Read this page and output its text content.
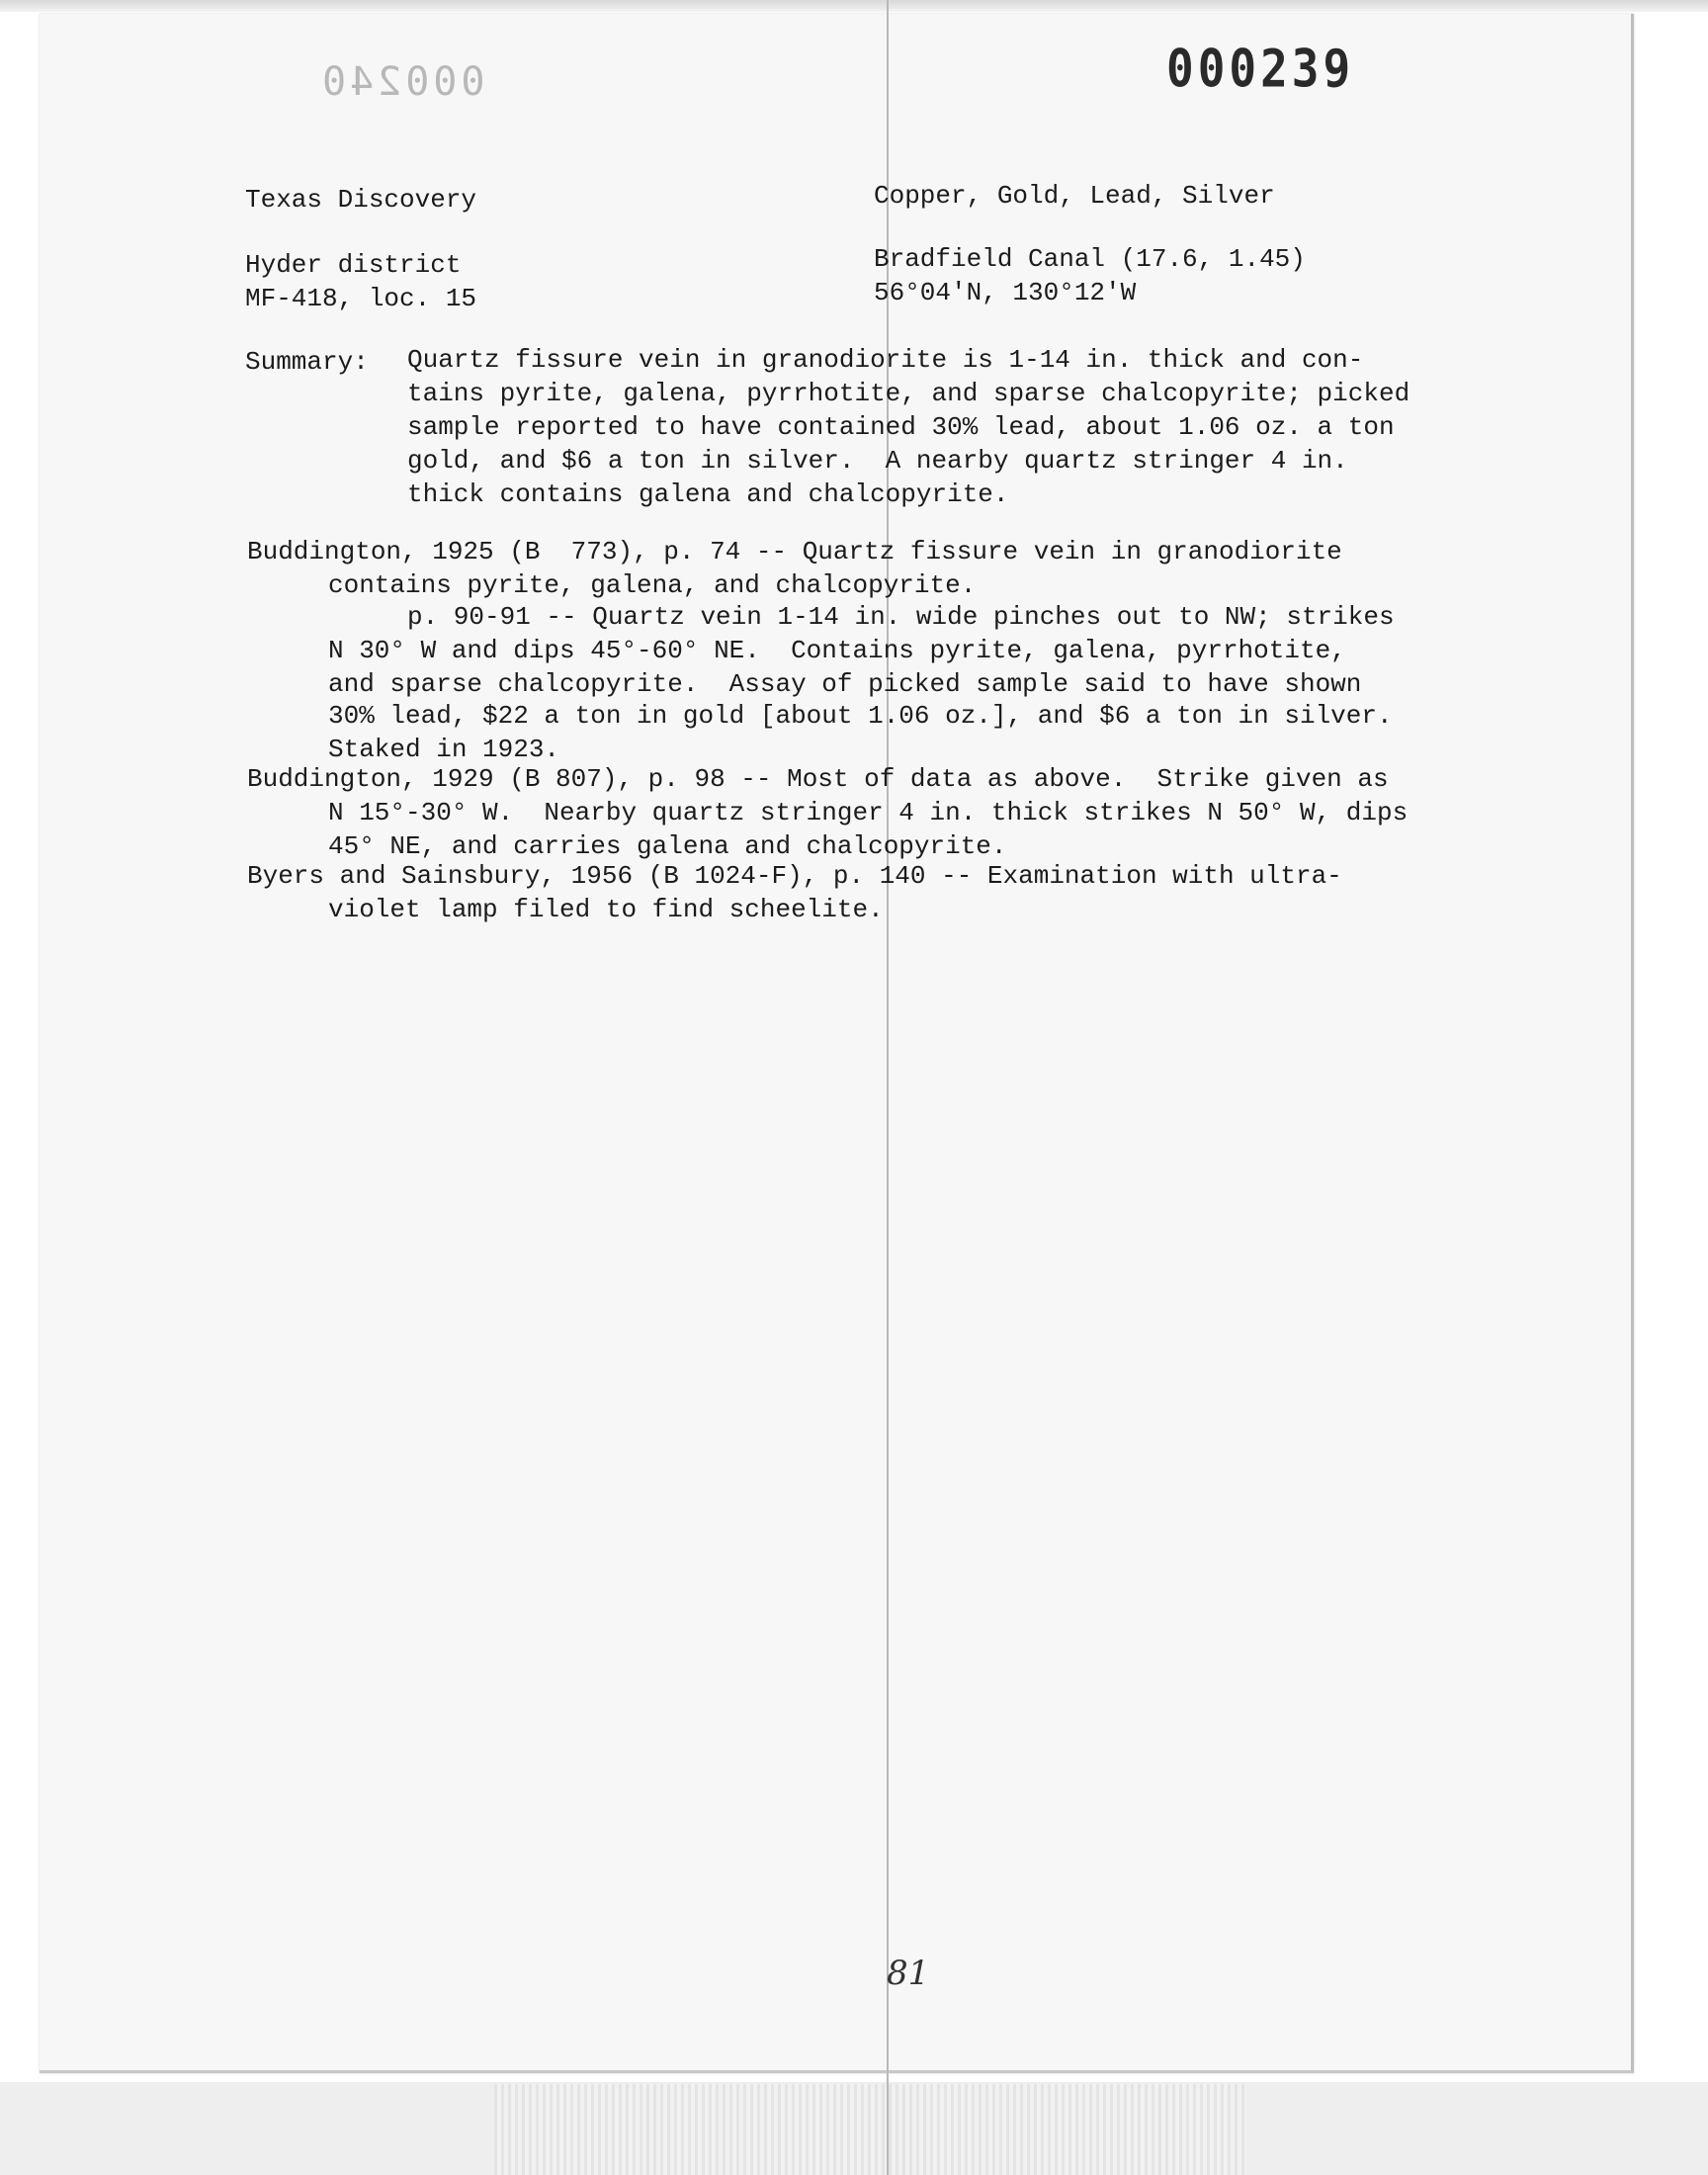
000240	000239
Texas Discovery	Copper, Gold, Lead, Silver
Hyder district	Bradfield Canal (17.6, 1.45)
MF-418, loc. 15	56°04'N, 130°12'W
Summary: Quartz fissure vein in granodiorite is 1-14 in. thick and con-
tains pyrite, galena, pyrrhotite, and sparse chalcopyrite; picked
sample reported to have contained 30% lead, about 1.06 oz. a ton
gold, and $6 a ton in silver.  A nearby quartz stringer 4 in.
thick contains galena and chalcopyrite.
Buddington, 1925 (B  773), p. 74 -- Quartz fissure vein in granodiorite
contains pyrite, galena, and chalcopyrite.
p. 90-91 -- Quartz vein 1-14 in. wide pinches out to NW; strikes
N 30° W and dips 45°-60° NE.  Contains pyrite, galena, pyrrhotite,
and sparse chalcopyrite.  Assay of picked sample said to have shown
30% lead, $22 a ton in gold [about 1.06 oz.], and $6 a ton in silver.
Staked in 1923.
Buddington, 1929 (B 807), p. 98 -- Most of data as above.  Strike given as
N 15°-30° W.  Nearby quartz stringer 4 in. thick strikes N 50° W, dips
45° NE, and carries galena and chalcopyrite.
Byers and Sainsbury, 1956 (B 1024-F), p. 140 -- Examination with ultra-
violet lamp filed to find scheelite.
81
